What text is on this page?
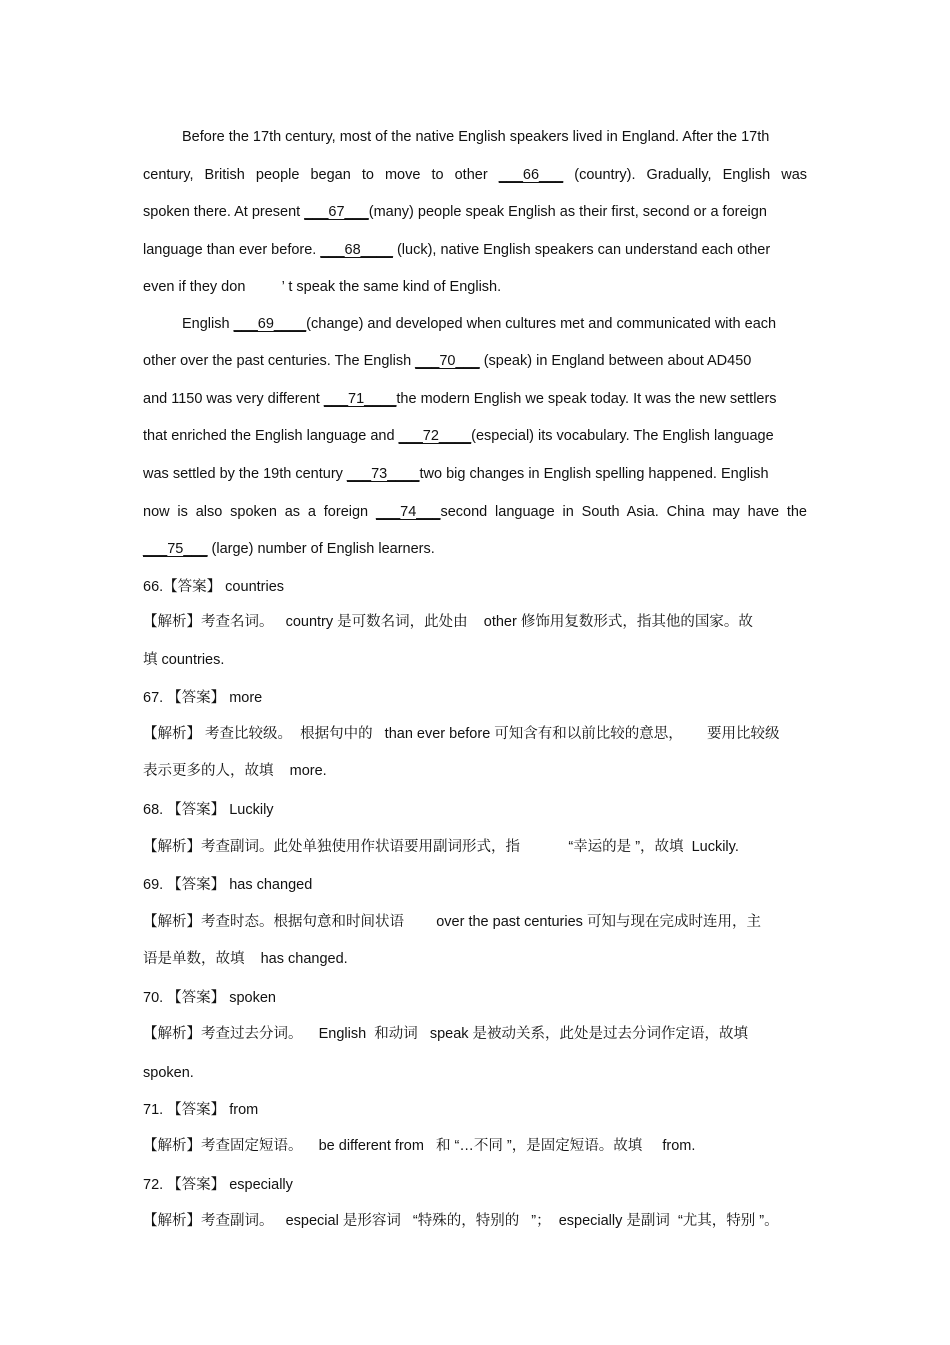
Before the 17th century, most of the native English speakers lived in England. After the 17th
century, British people began to move to other ___66___ (country). Gradually, English was
spoken there. At present ___67___(many) people speak English as their first, second or a foreign
language than ever before. ___68____ (luck), native English speakers can understand each other
even if they don         ’ t speak the same kind of English.
English ___69____(change) and developed when cultures met and communicated with each
other over the past centuries. The English ___70___ (speak) in England between about AD450
and 1150 was very different ___71____the modern English we speak today. It was the new settlers
that enriched the English language and ___72____(especial) its vocabulary. The English language
was settled by the 19th century ___73____two big changes in English spelling happened. English
now is also spoken as a foreign ___74___second language in South Asia. China may have the
___75___ (large) number of English learners.
66.【答案】 countries
【解析】考查名词。   country 是可数名词，此处由    other 修饰用复数形式，指其他的国家。故
填 countries.
67. 【答案】 more
【解析】 考查比较级。  根据句中的   than ever before 可知含有和以前比较的意思，      要用比较级
表示更多的人，故填    more.
68. 【答案】 Luckily
【解析】考查副词。此处单独使用作状语要用副词形式，指            “幸运的是 ”，故填  Luckily.
69. 【答案】 has changed
【解析】考查时态。根据句意和时间状语        over the past centuries 可知与现在完成时连用，主
语是单数，故填    has changed.
70. 【答案】 spoken
【解析】考查过去分词。    English  和动词   speak 是被动关系，此处是过去分词作定语，故填
spoken.
71. 【答案】 from
【解析】考查固定短语。    be different from   和 “…不同 ”，是固定短语。故填     from.
72. 【答案】 especially
【解析】考查副词。   especial 是形容词   “特殊的，特别的   ”；  especially 是副词  “尤其，特别 ”。
